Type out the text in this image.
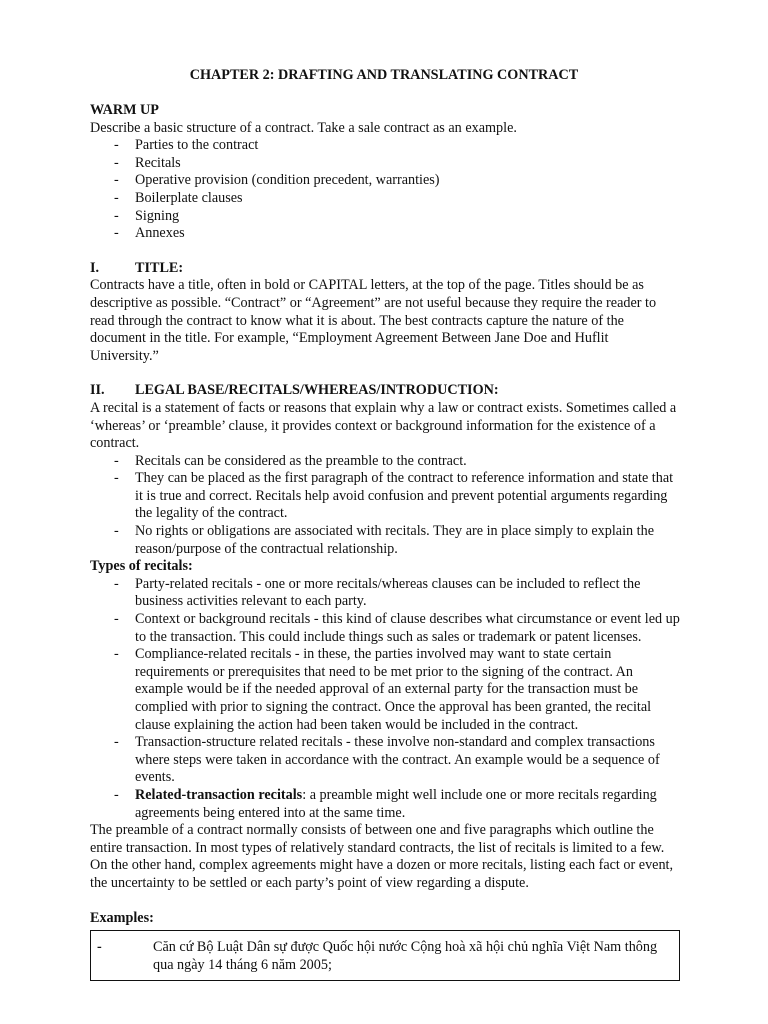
CHAPTER 2: DRAFTING AND TRANSLATING CONTRACT
WARM UP

Describe a basic structure of a contract. Take a sale contract as an example.

- Parties to the contract
- Recitals
- Operative provision (condition precedent, warranties)
- Boilerplate clauses
- Signing
- Annexes
I.	TITLE:

Contracts have a title, often in bold or CAPITAL letters, at the top of the page. Titles should be as descriptive as possible. “Contract” or “Agreement” are not useful because they require the reader to read through the contract to know what it is about. The best contracts capture the nature of the document in the title. For example, “Employment Agreement Between Jane Doe and Huflit University.”

II.	LEGAL BASE/RECITALS/WHEREAS/INTRODUCTION:

A recital is a statement of facts or reasons that explain why a law or contract exists. Sometimes called a ‘whereas’ or ‘preamble’ clause, it provides context or background information for the existence of a contract.

- Recitals can be considered as the preamble to the contract.
- They can be placed as the first paragraph of the contract to reference information and state that it is true and correct. Recitals help avoid confusion and prevent potential arguments regarding the legality of the contract.
- No rights or obligations are associated with recitals. They are in place simply to explain the reason/purpose of the contractual relationship.
Types of recitals:
- Party-related recitals - one or more recitals/whereas clauses can be included to reflect the business activities relevant to each party.
- Context or background recitals - this kind of clause describes what circumstance or event led up to the transaction. This could include things such as sales or trademark or patent licenses.
- Compliance-related recitals - in these, the parties involved may want to state certain requirements or prerequisites that need to be met prior to the signing of the contract. An example would be if the needed approval of an external party for the transaction must be complied with prior to signing the contract. Once the approval has been granted, the recital clause explaining the action had been taken would be included in the contract.
- Transaction-structure related recitals - these involve non-standard and complex transactions where steps were taken in accordance with the contract. An example would be a sequence of events.
- Related-transaction recitals: a preamble might well include one or more recitals regarding agreements being entered into at the same time.

The preamble of a contract normally consists of between one and five paragraphs which outline the entire transaction. In most types of relatively standard contracts, the list of recitals is limited to a few. On the other hand, complex agreements might have a dozen or more recitals, listing each fact or event, the uncertainty to be settled or each party’s point of view regarding a dispute.

Examples:
-	Căn cứ Bộ Luật Dân sự được Quốc hội nước Cộng hoà xã hội chủ nghĩa Việt Nam thông qua ngày 14 tháng 6 năm 2005;
